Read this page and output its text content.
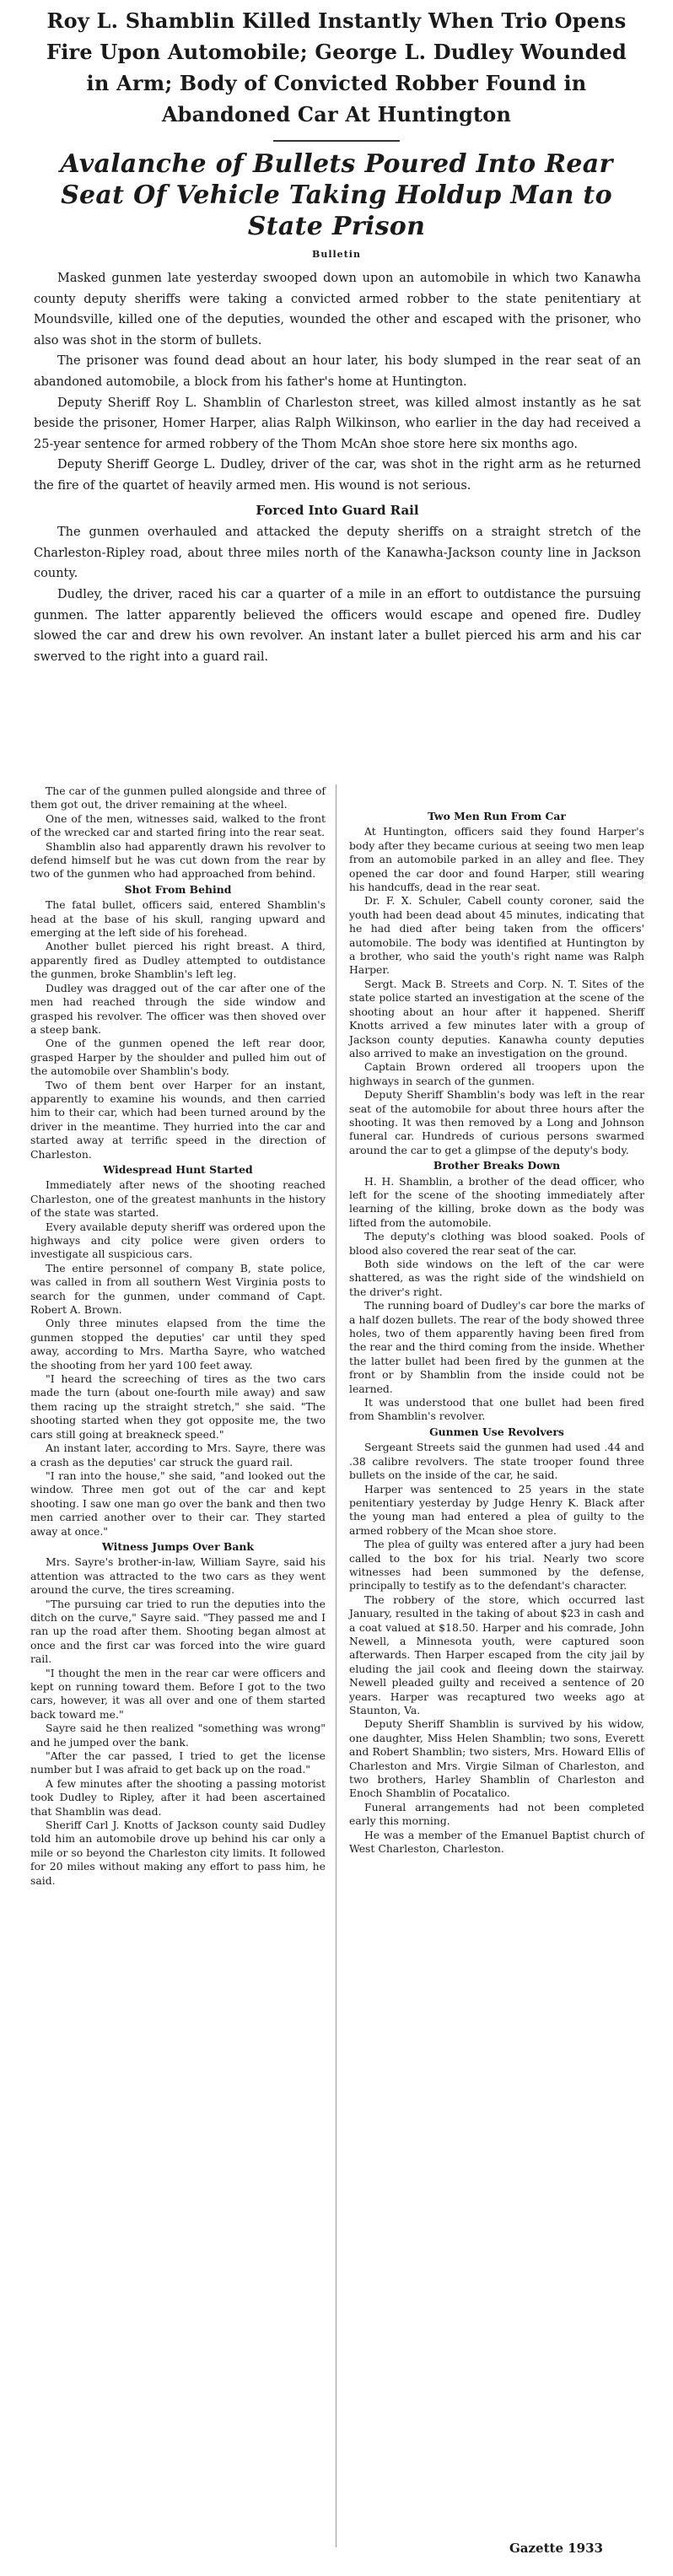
Roy L. Shamblin Killed Instantly When Trio Opens Fire Upon Automobile; George L. Dudley Wounded in Arm; Body of Convicted Robber Found in Abandoned Car At Huntington
Avalanche of Bullets Poured Into Rear Seat Of Vehicle Taking Holdup Man to State Prison
Bulletin

Masked gunmen late yesterday swooped down upon an automobile in which two Kanawha county deputy sheriffs were taking a convicted armed robber to the state penitentiary at Moundsville, killed one of the deputies, wounded the other and escaped with the prisoner, who also was shot in the storm of bullets.

The prisoner was found dead about an hour later, his body slumped in the rear seat of an abandoned automobile, a block from his father's home at Huntington.

Deputy Sheriff Roy L. Shamblin of Charleston street, was killed almost instantly as he sat beside the prisoner, Homer Harper, alias Ralph Wilkinson, who earlier in the day had received a 25-year sentence for armed robbery of the Thom McAn shoe store here six months ago.

Deputy Sheriff George L. Dudley, driver of the car, was shot in the right arm as he returned the fire of the quartet of heavily armed men. His wound is not serious.

Forced Into Guard Rail

The gunmen overhauled and attacked the deputy sheriffs on a straight stretch of the Charleston-Ripley road, about three miles north of the Kanawha-Jackson county line in Jackson county.

Dudley, the driver, raced his car a quarter of a mile in an effort to outdistance the pursuing gunmen. The latter apparently believed the officers would escape and opened fire. Dudley slowed the car and drew his own revolver. An instant later a bullet pierced his arm and his car swerved to the right into a guard rail.

The car of the gunmen pulled alongside and three of them got out, the driver remaining at the wheel.

One of the men, witnesses said, walked to the front of the wrecked car and started firing into the rear seat.

Shamblin also had apparently drawn his revolver to defend himself but he was cut down from the rear by two of the gunmen who had approached from behind.

Shot From Behind

The fatal bullet, officers said, entered Shamblin's head at the base of his skull, ranging upward and emerging at the left side of his forehead.

Another bullet pierced his right breast. A third, apparently fired as Dudley attempted to outdistance the gunmen, broke Shamblin's left leg.

Dudley was dragged out of the car after one of the men had reached through the side window and grasped his revolver. The officer was then shoved over a steep bank.

One of the gunmen opened the left rear door, grasped Harper by the shoulder and pulled him out of the automobile over Shamblin's body.

Two of them bent over Harper for an instant, apparently to examine his wounds, and then carried him to their car, which had been turned around by the driver in the meantime. They hurried into the car and started away at terrific speed in the direction of Charleston.

Widespread Hunt Started

Immediately after news of the shooting reached Charleston, one of the greatest manhunts in the history of the state was started.

Every available deputy sheriff was ordered upon the highways and city police were given orders to investigate all suspicious cars.

The entire personnel of company B, state police, was called in from all southern West Virginia posts to search for the gunmen, under command of Capt. Robert A. Brown.

Only three minutes elapsed from the time the gunmen stopped the deputies' car until they sped away, according to Mrs. Martha Sayre, who watched the shooting from her yard 100 feet away.

"I heard the screeching of tires as the two cars made the turn (about one-fourth mile away) and saw them racing up the straight stretch," she said. "The shooting started when they got opposite me, the two cars still going at breakneck speed."

An instant later, according to Mrs. Sayre, there was a crash as the deputies' car struck the guard rail.

"I ran into the house," she said, "and looked out the window. Three men got out of the car and kept shooting. I saw one man go over the bank and then two men carried another over to their car. They started away at once."

Witness Jumps Over Bank

Mrs. Sayre's brother-in-law, William Sayre, said his attention was attracted to the two cars as they went around the curve, the tires screaming.

"The pursuing car tried to run the deputies into the ditch on the curve," Sayre said. "They passed me and I ran up the road after them. Shooting began almost at once and the first car was forced into the wire guard rail.

"I thought the men in the rear car were officers and kept on running toward them. Before I got to the two cars, however, it was all over and one of them started back toward me."

Sayre said he then realized "something was wrong" and he jumped over the bank.

"After the car passed, I tried to get the license number but I was afraid to get back up on the road."

A few minutes after the shooting a passing motorist took Dudley to Ripley, after it had been ascertained that Shamblin was dead.

Sheriff Carl J. Knotts of Jackson county said Dudley told him an automobile drove up behind his car only a mile or so beyond the Charleston city limits. It followed for 20 miles without making any effort to pass him, he said.

Two Men Run From Car

At Huntington, officers said they found Harper's body after they became curious at seeing two men leap from an automobile parked in an alley and flee. They opened the car door and found Harper, still wearing his handcuffs, dead in the rear seat.

Dr. F. X. Schuler, Cabell county coroner, said the youth had been dead about 45 minutes, indicating that he had died after being taken from the officers' automobile. The body was identified at Huntington by a brother, who said the youth's right name was Ralph Harper.

Sergt. Mack B. Streets and Corp. N. T. Sites of the state police started an investigation at the scene of the shooting about an hour after it happened. Sheriff Knotts arrived a few minutes later with a group of Jackson county deputies. Kanawha county deputies also arrived to make an investigation on the ground.

Captain Brown ordered all troopers upon the highways in search of the gunmen.

Deputy Sheriff Shamblin's body was left in the rear seat of the automobile for about three hours after the shooting. It was then removed by a Long and Johnson funeral car. Hundreds of curious persons swarmed around the car to get a glimpse of the deputy's body.

Brother Breaks Down

H. H. Shamblin, a brother of the dead officer, who left for the scene of the shooting immediately after learning of the killing, broke down as the body was lifted from the automobile.

The deputy's clothing was blood soaked. Pools of blood also covered the rear seat of the car.

Both side windows on the left of the car were shattered, as was the right side of the windshield on the driver's right.

The running board of Dudley's car bore the marks of a half dozen bullets. The rear of the body showed three holes, two of them apparently having been fired from the rear and the third coming from the inside. Whether the latter bullet had been fired by the gunmen at the front or by Shamblin from the inside could not be learned.

It was understood that one bullet had been fired from Shamblin's revolver.

Gunmen Use Revolvers

Sergeant Streets said the gunmen had used .44 and .38 calibre revolvers. The state trooper found three bullets on the inside of the car, he said.

Harper was sentenced to 25 years in the state penitentiary yesterday by Judge Henry K. Black after the young man had entered a plea of guilty to the armed robbery of the Mcan shoe store.

The plea of guilty was entered after a jury had been called to the box for his trial. Nearly two score witnesses had been summoned by the defense, principally to testify as to the defendant's character.

The robbery of the store, which occurred last January, resulted in the taking of about $23 in cash and a coat valued at $18.50. Harper and his comrade, John Newell, a Minnesota youth, were captured soon afterwards. Then Harper escaped from the city jail by eluding the jail cook and fleeing down the stairway. Newell pleaded guilty and received a sentence of 20 years. Harper was recaptured two weeks ago at Staunton, Va.

Deputy Sheriff Shamblin is survived by his widow, one daughter, Miss Helen Shamblin; two sons, Everett and Robert Shamblin; two sisters, Mrs. Howard Ellis of Charleston and Mrs. Virgie Silman of Charleston, and two brothers, Harley Shamblin of Charleston and Enoch Shamblin of Pocatalico.

Funeral arrangements had not been completed early this morning.

He was a member of the Emanuel Baptist church of West Charleston, Charleston.

Gazette 1933
